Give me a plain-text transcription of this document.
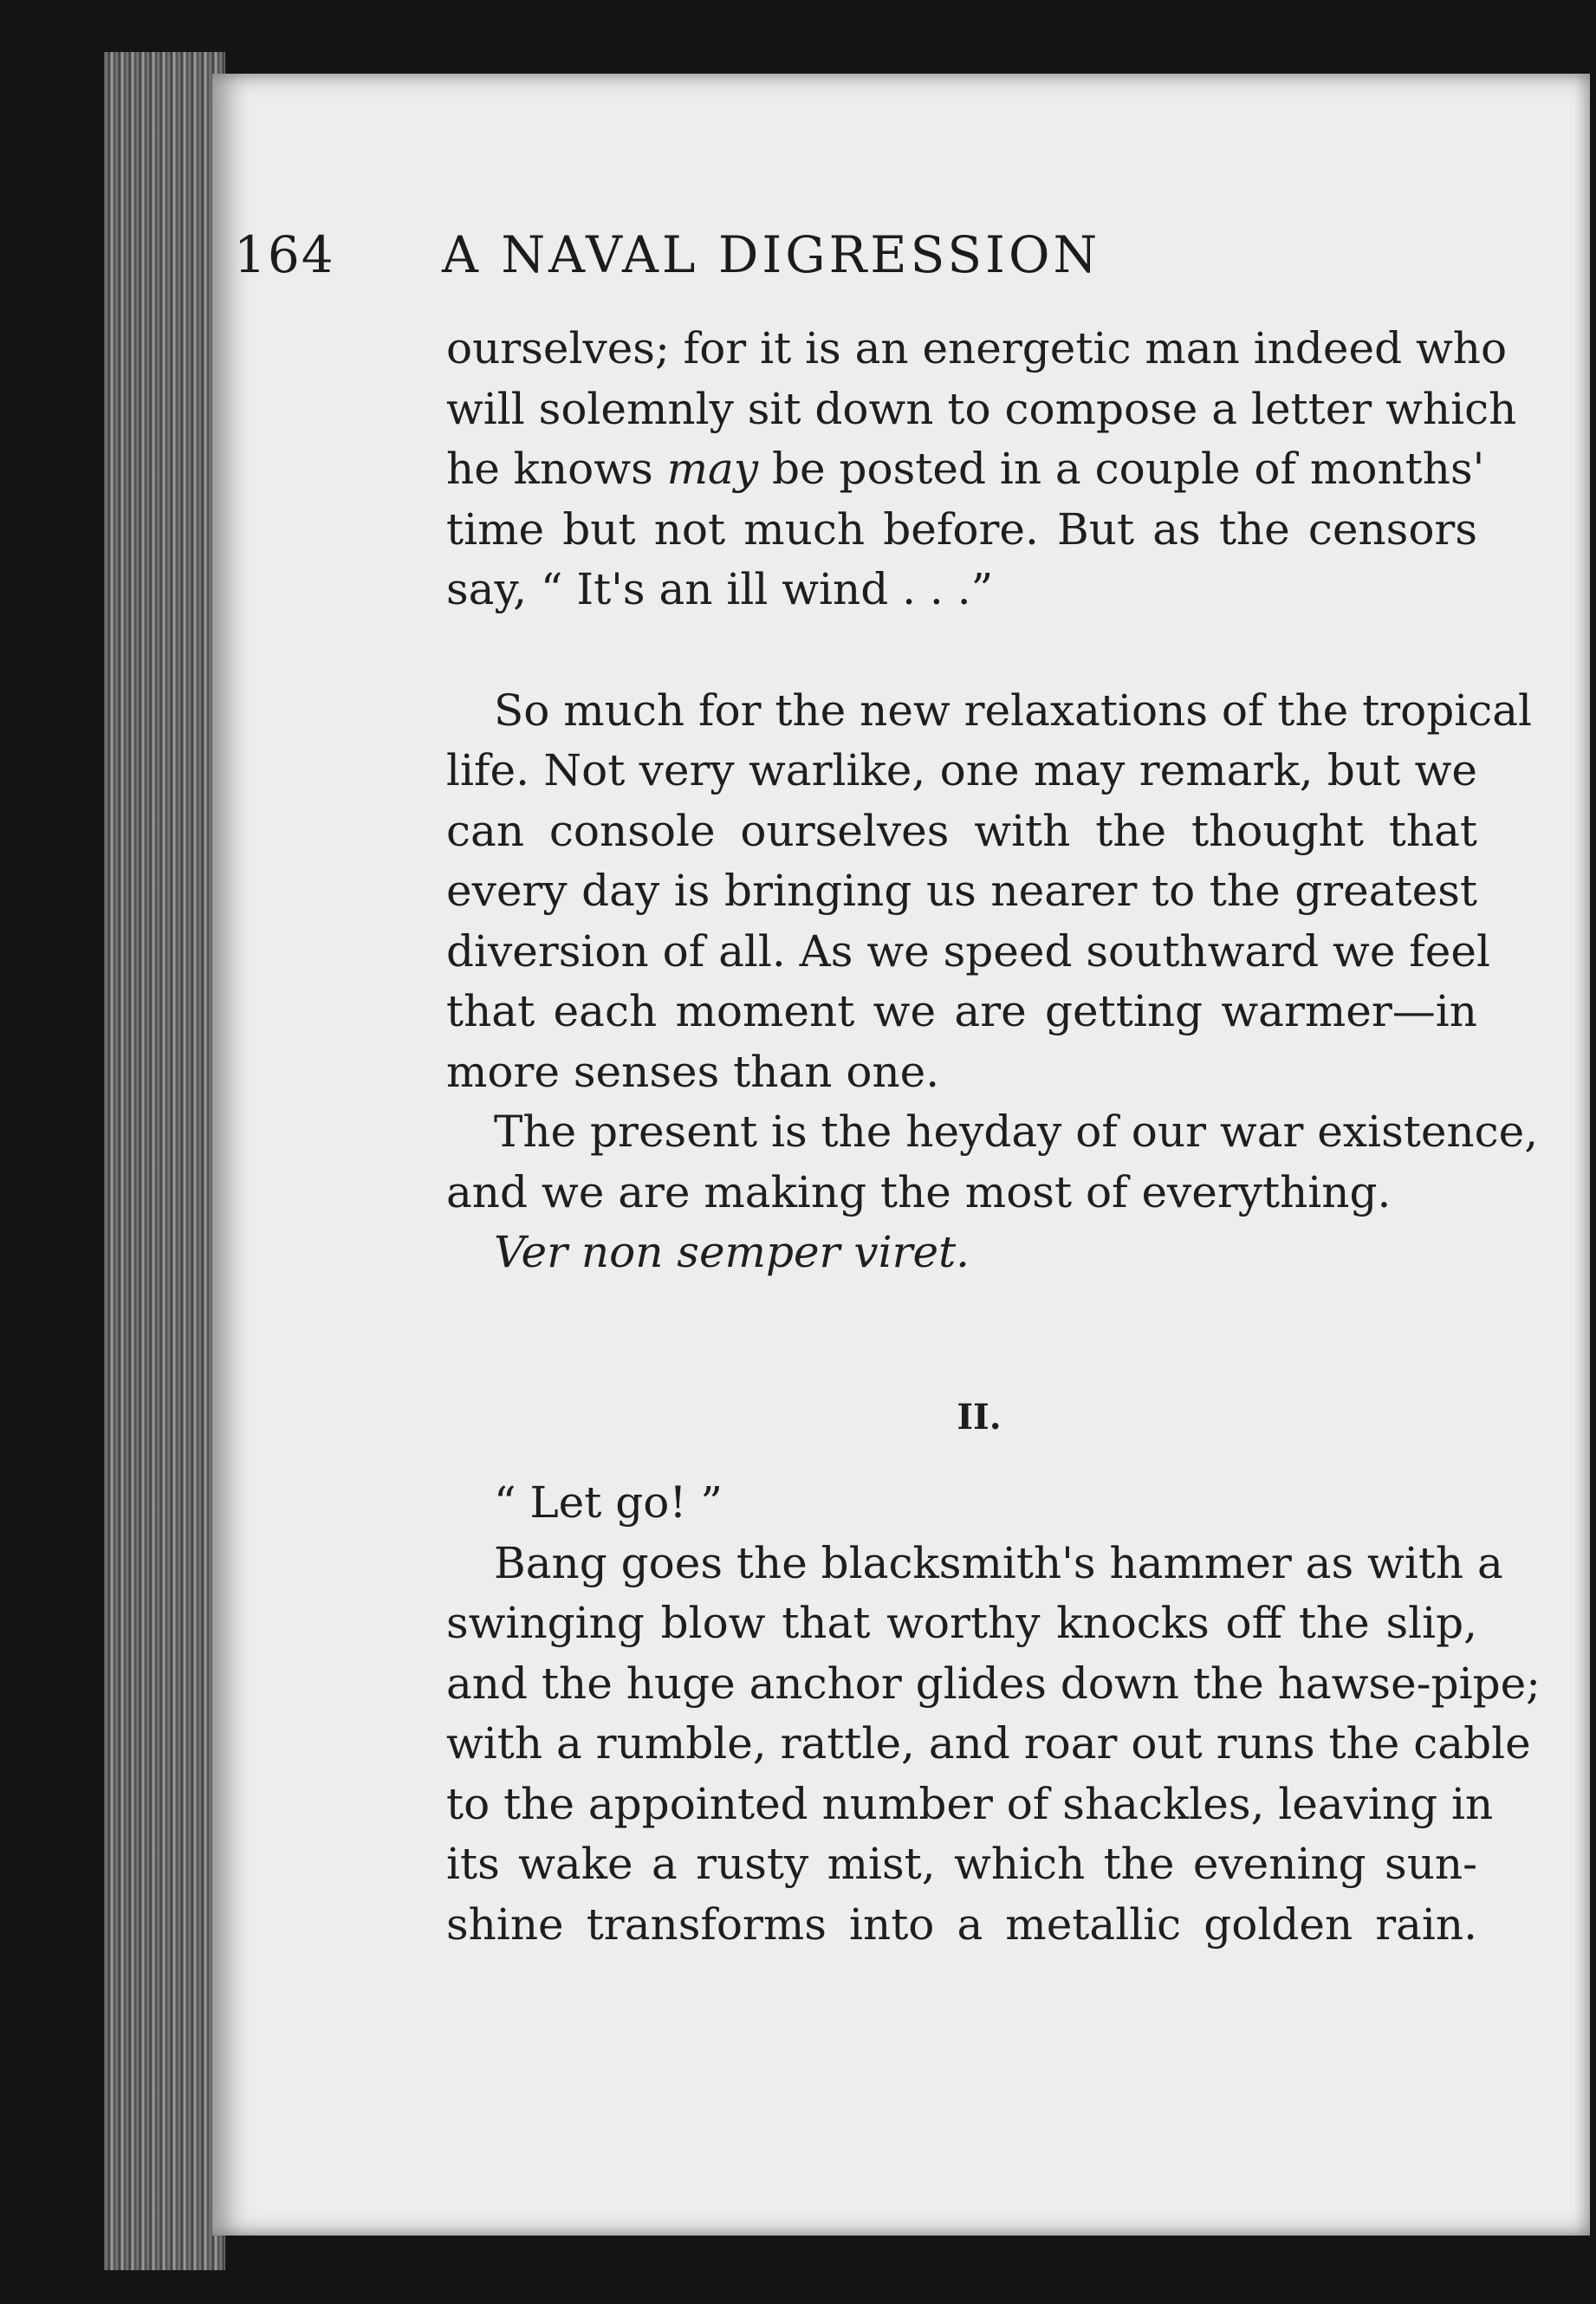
164 A NAVAL DIGRESSION
ourselves; for it is an energetic man indeed who
will solemnly sit down to compose a letter which
he knows may be posted in a couple of months'
time but not much before. But as the censors
say, “ It's an ill wind . . .”
So much for the new relaxations of the tropical
life. Not very warlike, one may remark, but we
can console ourselves with the thought that
every day is bringing us nearer to the greatest
diversion of all. As we speed southward we feel
that each moment we are getting warmer—in
more senses than one.
The present is the heyday of our war existence,
and we are making the most of everything.
Ver non semper viret.
II.
“ Let go! ”
Bang goes the blacksmith's hammer as with a
swinging blow that worthy knocks off the slip,
and the huge anchor glides down the hawse-pipe;
with a rumble, rattle, and roar out runs the cable
to the appointed number of shackles, leaving in
its wake a rusty mist, which the evening sun-
shine transforms into a metallic golden rain.
